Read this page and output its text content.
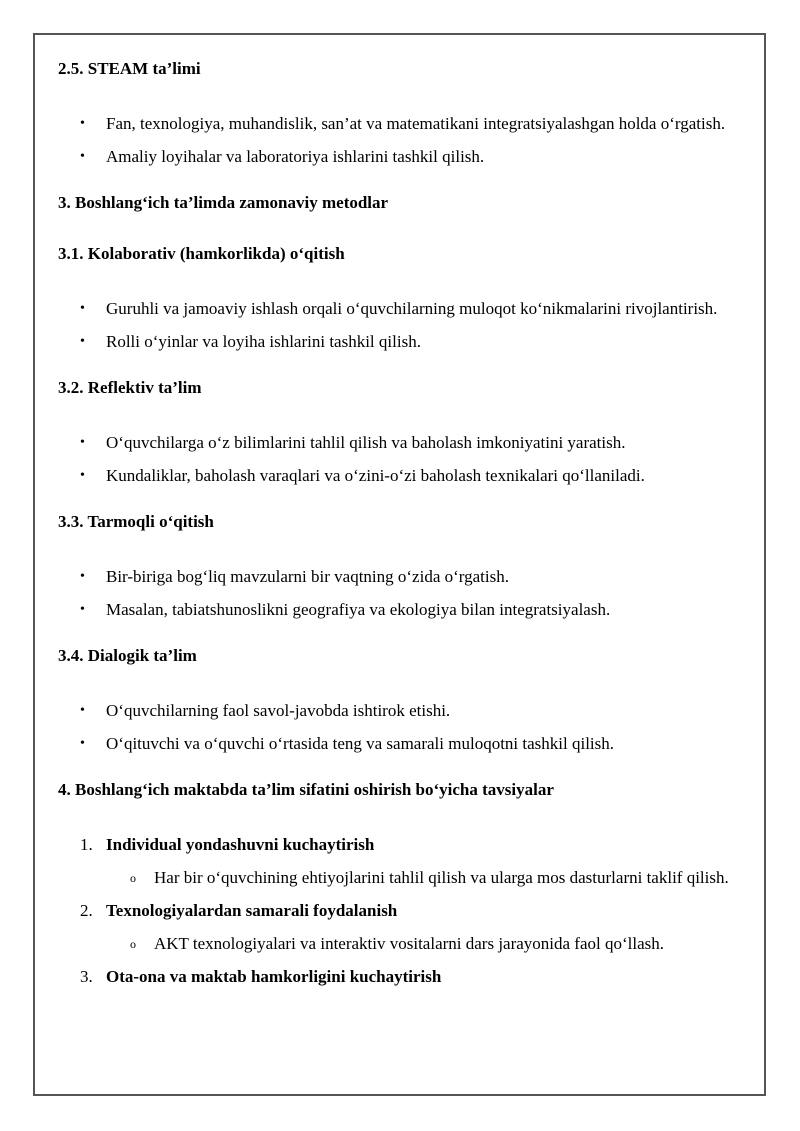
2.5. STEAM ta’limi
• Fan, texnologiya, muhandislik, san’at va matematikani integratsiyalashgan holda o‘rgatish.
• Amaliy loyihalar va laboratoriya ishlarini tashkil qilish.
3. Boshlang‘ich ta’limda zamonaviy metodlar
3.1. Kolaborativ (hamkorlikda) o‘qitish
• Guruhli va jamoaviy ishlash orqali o‘quvchilarning muloqot ko‘nikmalarini rivojlantirish.
• Rolli o‘yinlar va loyiha ishlarini tashkil qilish.
3.2. Reflektiv ta’lim
• O‘quvchilarga o‘z bilimlarini tahlil qilish va baholash imkoniyatini yaratish.
• Kundaliklar, baholash varaqlari va o‘zini-o‘zi baholash texnikalari qo‘llaniladi.
3.3. Tarmoqli o‘qitish
• Bir-biriga bog‘liq mavzularni bir vaqtning o‘zida o‘rgatish.
• Masalan, tabiatshunoslikni geografiya va ekologiya bilan integratsiyalash.
3.4. Dialogik ta’lim
• O‘quvchilarning faol savol-javobda ishtirok etishi.
• O‘qituvchi va o‘quvchi o‘rtasida teng va samarali muloqotni tashkil qilish.
4. Boshlang‘ich maktabda ta’lim sifatini oshirish bo‘yicha tavsiyalar
1. Individual yondashuvni kuchaytirish
o Har bir o‘quvchining ehtiyojlarini tahlil qilish va ularga mos dasturlarni taklif qilish.
2. Texnologiyalardan samarali foydalanish
o AKT texnologiyalari va interaktiv vositalarni dars jarayonida faol qo‘llash.
3. Ota-ona va maktab hamkorligini kuchaytirish
